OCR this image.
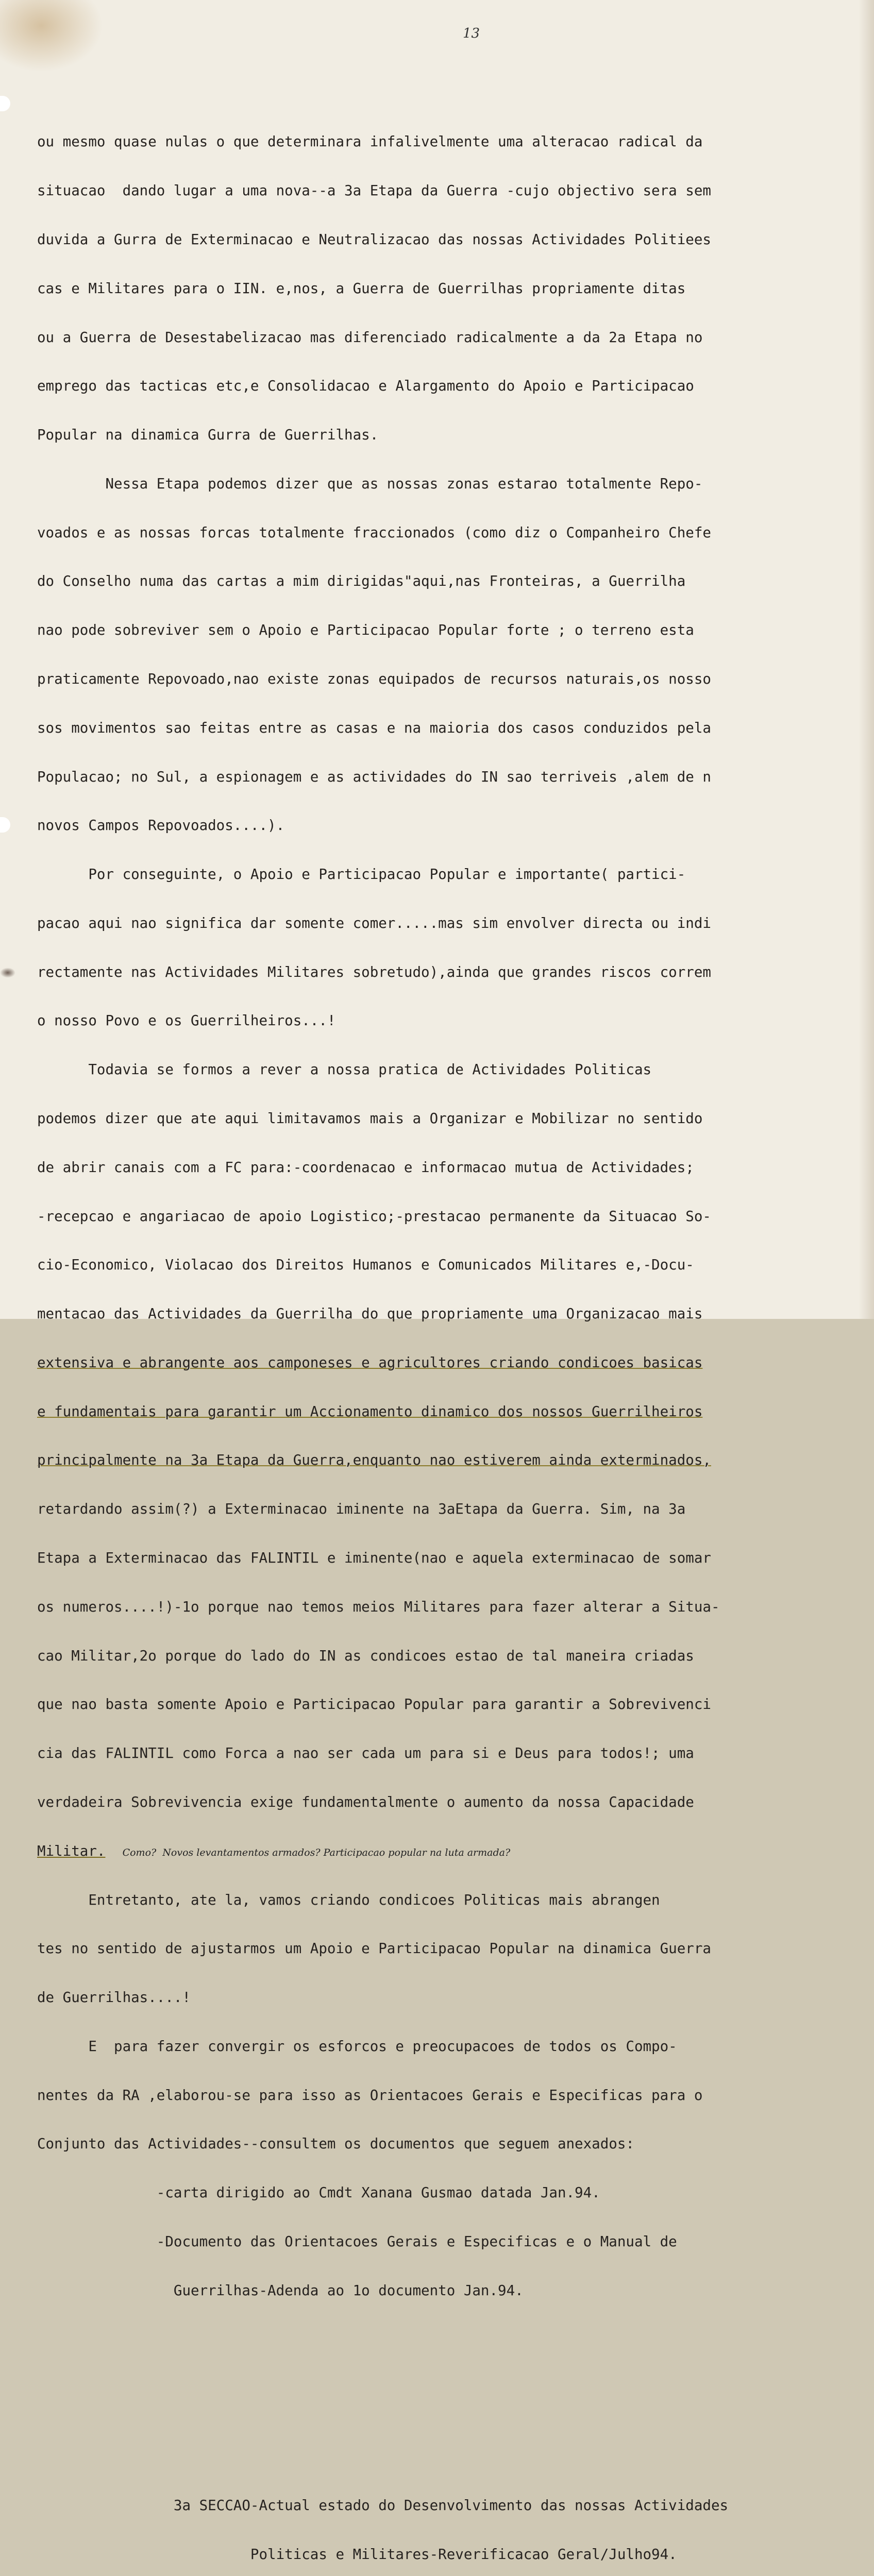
13

ou mesmo quase nulas o que determinara infalivelmente uma alteracao radical da

situacao  dando lugar a uma nova--a 3a Etapa da Guerra -cujo objectivo sera sem

duvida a Gurra de Exterminacao e Neutralizacao das nossas Actividades Politiees

cas e Militares para o IIN. e,nos, a Guerra de Guerrilhas propriamente ditas

ou a Guerra de Desestabelizacao mas diferenciado radicalmente a da 2a Etapa no

emprego das tacticas etc,e Consolidacao e Alargamento do Apoio e Participacao

Popular na dinamica Gurra de Guerrilhas.

Nessa Etapa podemos dizer que as nossas zonas estarao totalmente Repo-

voados e as nossas forcas totalmente fraccionados (como diz o Companheiro Chefe

do Conselho numa das cartas a mim dirigidas"aqui,nas Fronteiras, a Guerrilha

nao pode sobreviver sem o Apoio e Participacao Popular forte ; o terreno esta

praticamente Repovoado,nao existe zonas equipados de recursos naturais,os nosso

sos movimentos sao feitas entre as casas e na maioria dos casos conduzidos pela

Populacao; no Sul, a espionagem e as actividades do IN sao terriveis ,alem de n

novos Campos Repovoados....).

Por conseguinte, o Apoio e Participacao Popular e importante( partici-

pacao aqui nao significa dar somente comer.....mas sim envolver directa ou indi

rectamente nas Actividades Militares sobretudo),ainda que grandes riscos correm

o nosso Povo e os Guerrilheiros...!

Todavia se formos a rever a nossa pratica de Actividades Politicas

podemos dizer que ate aqui limitavamos mais a Organizar e Mobilizar no sentido

de abrir canais com a FC para:-coordenacao e informacao mutua de Actividades;

-recepcao e angariacao de apoio Logistico;-prestacao permanente da Situacao So-

cio-Economico, Violacao dos Direitos Humanos e Comunicados Militares e,-Docu-

mentacao das Actividades da Guerrilha do que propriamente uma Organizacao mais

extensiva e abrangente aos camponeses e agricultores criando condicoes basicas

e fundamentais para garantir um Accionamento dinamico dos nossos Guerrilheiros

principalmente na 3a Etapa da Guerra,enquanto nao estiverem ainda exterminados,

retardando assim(?) a Exterminacao iminente na 3aEtapa da Guerra. Sim, na 3a

Etapa a Exterminacao das FALINTIL e iminente(nao e aquela exterminacao de somar

os numeros....!)-1o porque nao temos meios Militares para fazer alterar a Situa-

cao Militar,2o porque do lado do IN as condicoes estao de tal maneira criadas

que nao basta somente Apoio e Participacao Popular para garantir a Sobrevivenci

cia das FALINTIL como Forca a nao ser cada um para si e Deus para todos!; uma

verdadeira Sobrevivencia exige fundamentalmente o aumento da nossa Capacidade

Militar. Como?  Novos levantamentos armados? Participacao popular na luta armada?

Entretanto, ate la, vamos criando condicoes Politicas mais abrangen

tes no sentido de ajustarmos um Apoio e Participacao Popular na dinamica Guerra

de Guerrilhas....!

E  para fazer convergir os esforcos e preocupacoes de todos os Compo-

nentes da RA ,elaborou-se para isso as Orientacoes Gerais e Especificas para o

Conjunto das Actividades--consultem os documentos que seguem anexados:

-carta dirigido ao Cmdt Xanana Gusmao datada Jan.94.

-Documento das Orientacoes Gerais e Especificas e o Manual de

Guerrilhas-Adenda ao 1o documento Jan.94.

3a SECCAO-Actual estado do Desenvolvimento das nossas Actividades

Politicas e Militares-Reverificacao Geral/Julho94.
